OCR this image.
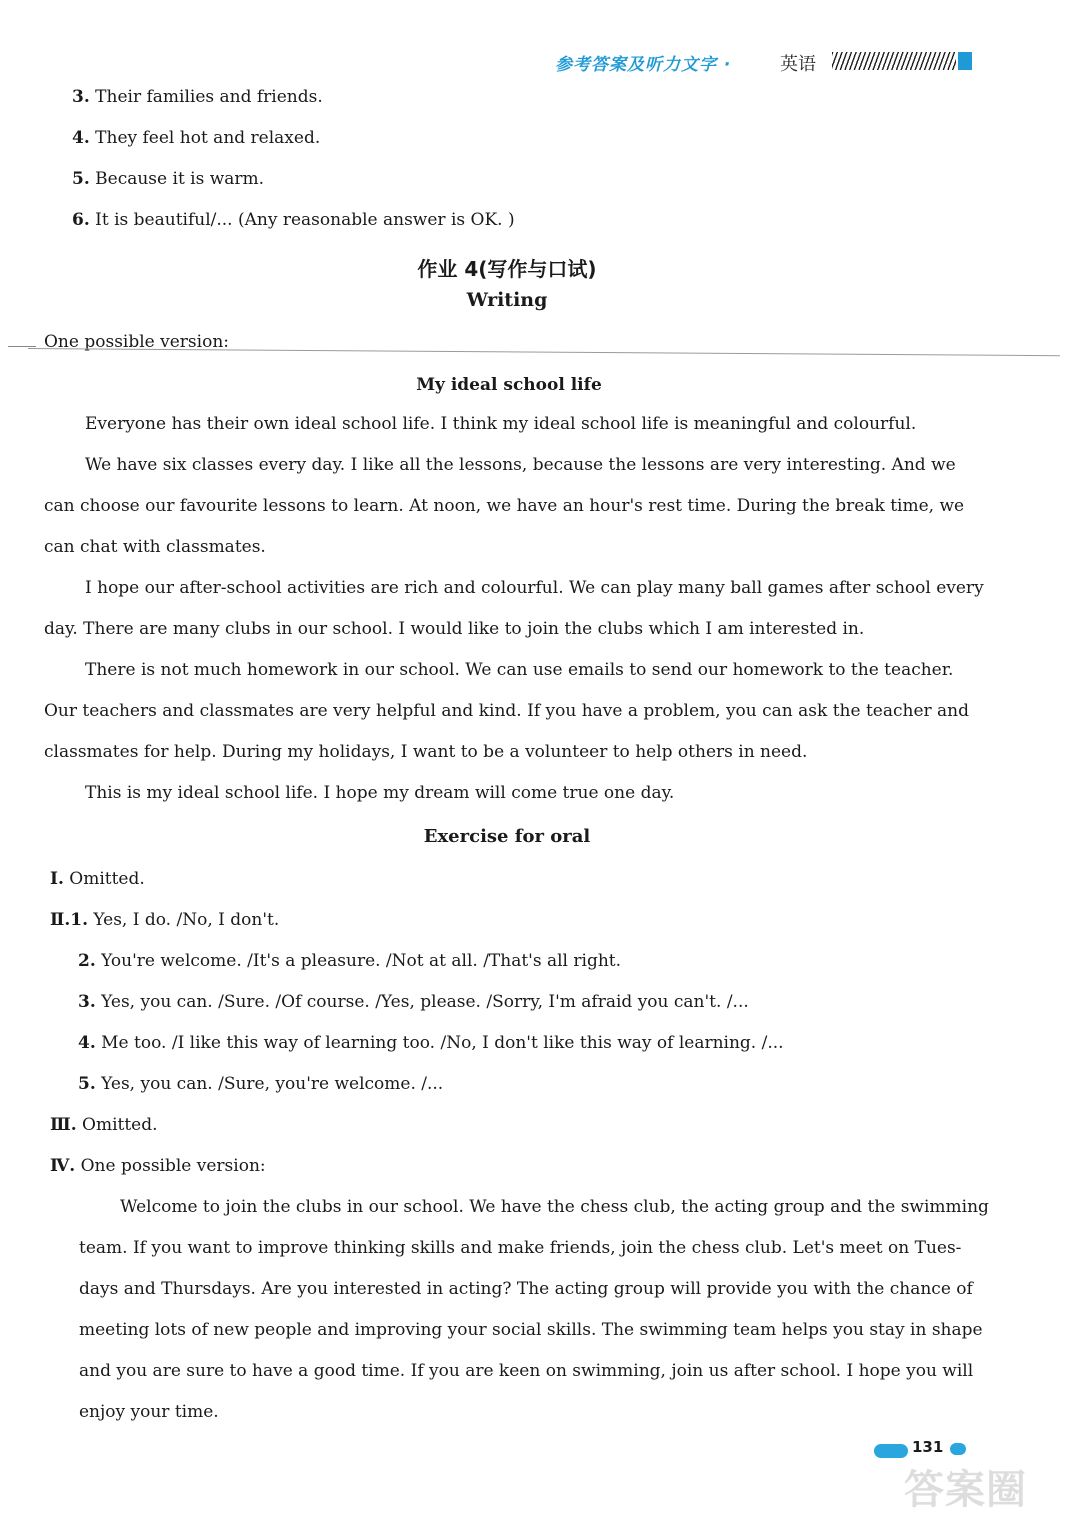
参考答案及听力文字 ·	英语
3. Their families and friends.
4. They feel hot and relaxed.
5. Because it is warm.
6. It is beautiful/... (Any reasonable answer is OK. )
作业 4(写作与口试)
Writing
One possible version:
My ideal school life
Everyone has their own ideal school life. I think my ideal school life is meaningful and colourful.
We have six classes every day. I like all the lessons, because the lessons are very interesting. And we
can choose our favourite lessons to learn. At noon, we have an hour's rest time. During the break time, we
can chat with classmates.
I hope our after-school activities are rich and colourful. We can play many ball games after school every
day. There are many clubs in our school. I would like to join the clubs which I am interested in.
There is not much homework in our school. We can use emails to send our homework to the teacher.
Our teachers and classmates are very helpful and kind. If you have a problem, you can ask the teacher and
classmates for help. During my holidays, I want to be a volunteer to help others in need.
This is my ideal school life. I hope my dream will come true one day.
Exercise for oral
Ⅰ. Omitted.
Ⅱ.1. Yes, I do. /No, I don't.
2. You're welcome. /It's a pleasure. /Not at all. /That's all right.
3. Yes, you can. /Sure. /Of course. /Yes, please. /Sorry, I'm afraid you can't. /...
4. Me too. /I like this way of learning too. /No, I don't like this way of learning. /...
5. Yes, you can. /Sure, you're welcome. /...
Ⅲ. Omitted.
Ⅳ. One possible version:
Welcome to join the clubs in our school. We have the chess club, the acting group and the swimming
team. If you want to improve thinking skills and make friends, join the chess club. Let's meet on Tues-
days and Thursdays. Are you interested in acting? The acting group will provide you with the chance of
meeting lots of new people and improving your social skills. The swimming team helps you stay in shape
and you are sure to have a good time. If you are keen on swimming, join us after school. I hope you will
enjoy your time.
131
答案圈
